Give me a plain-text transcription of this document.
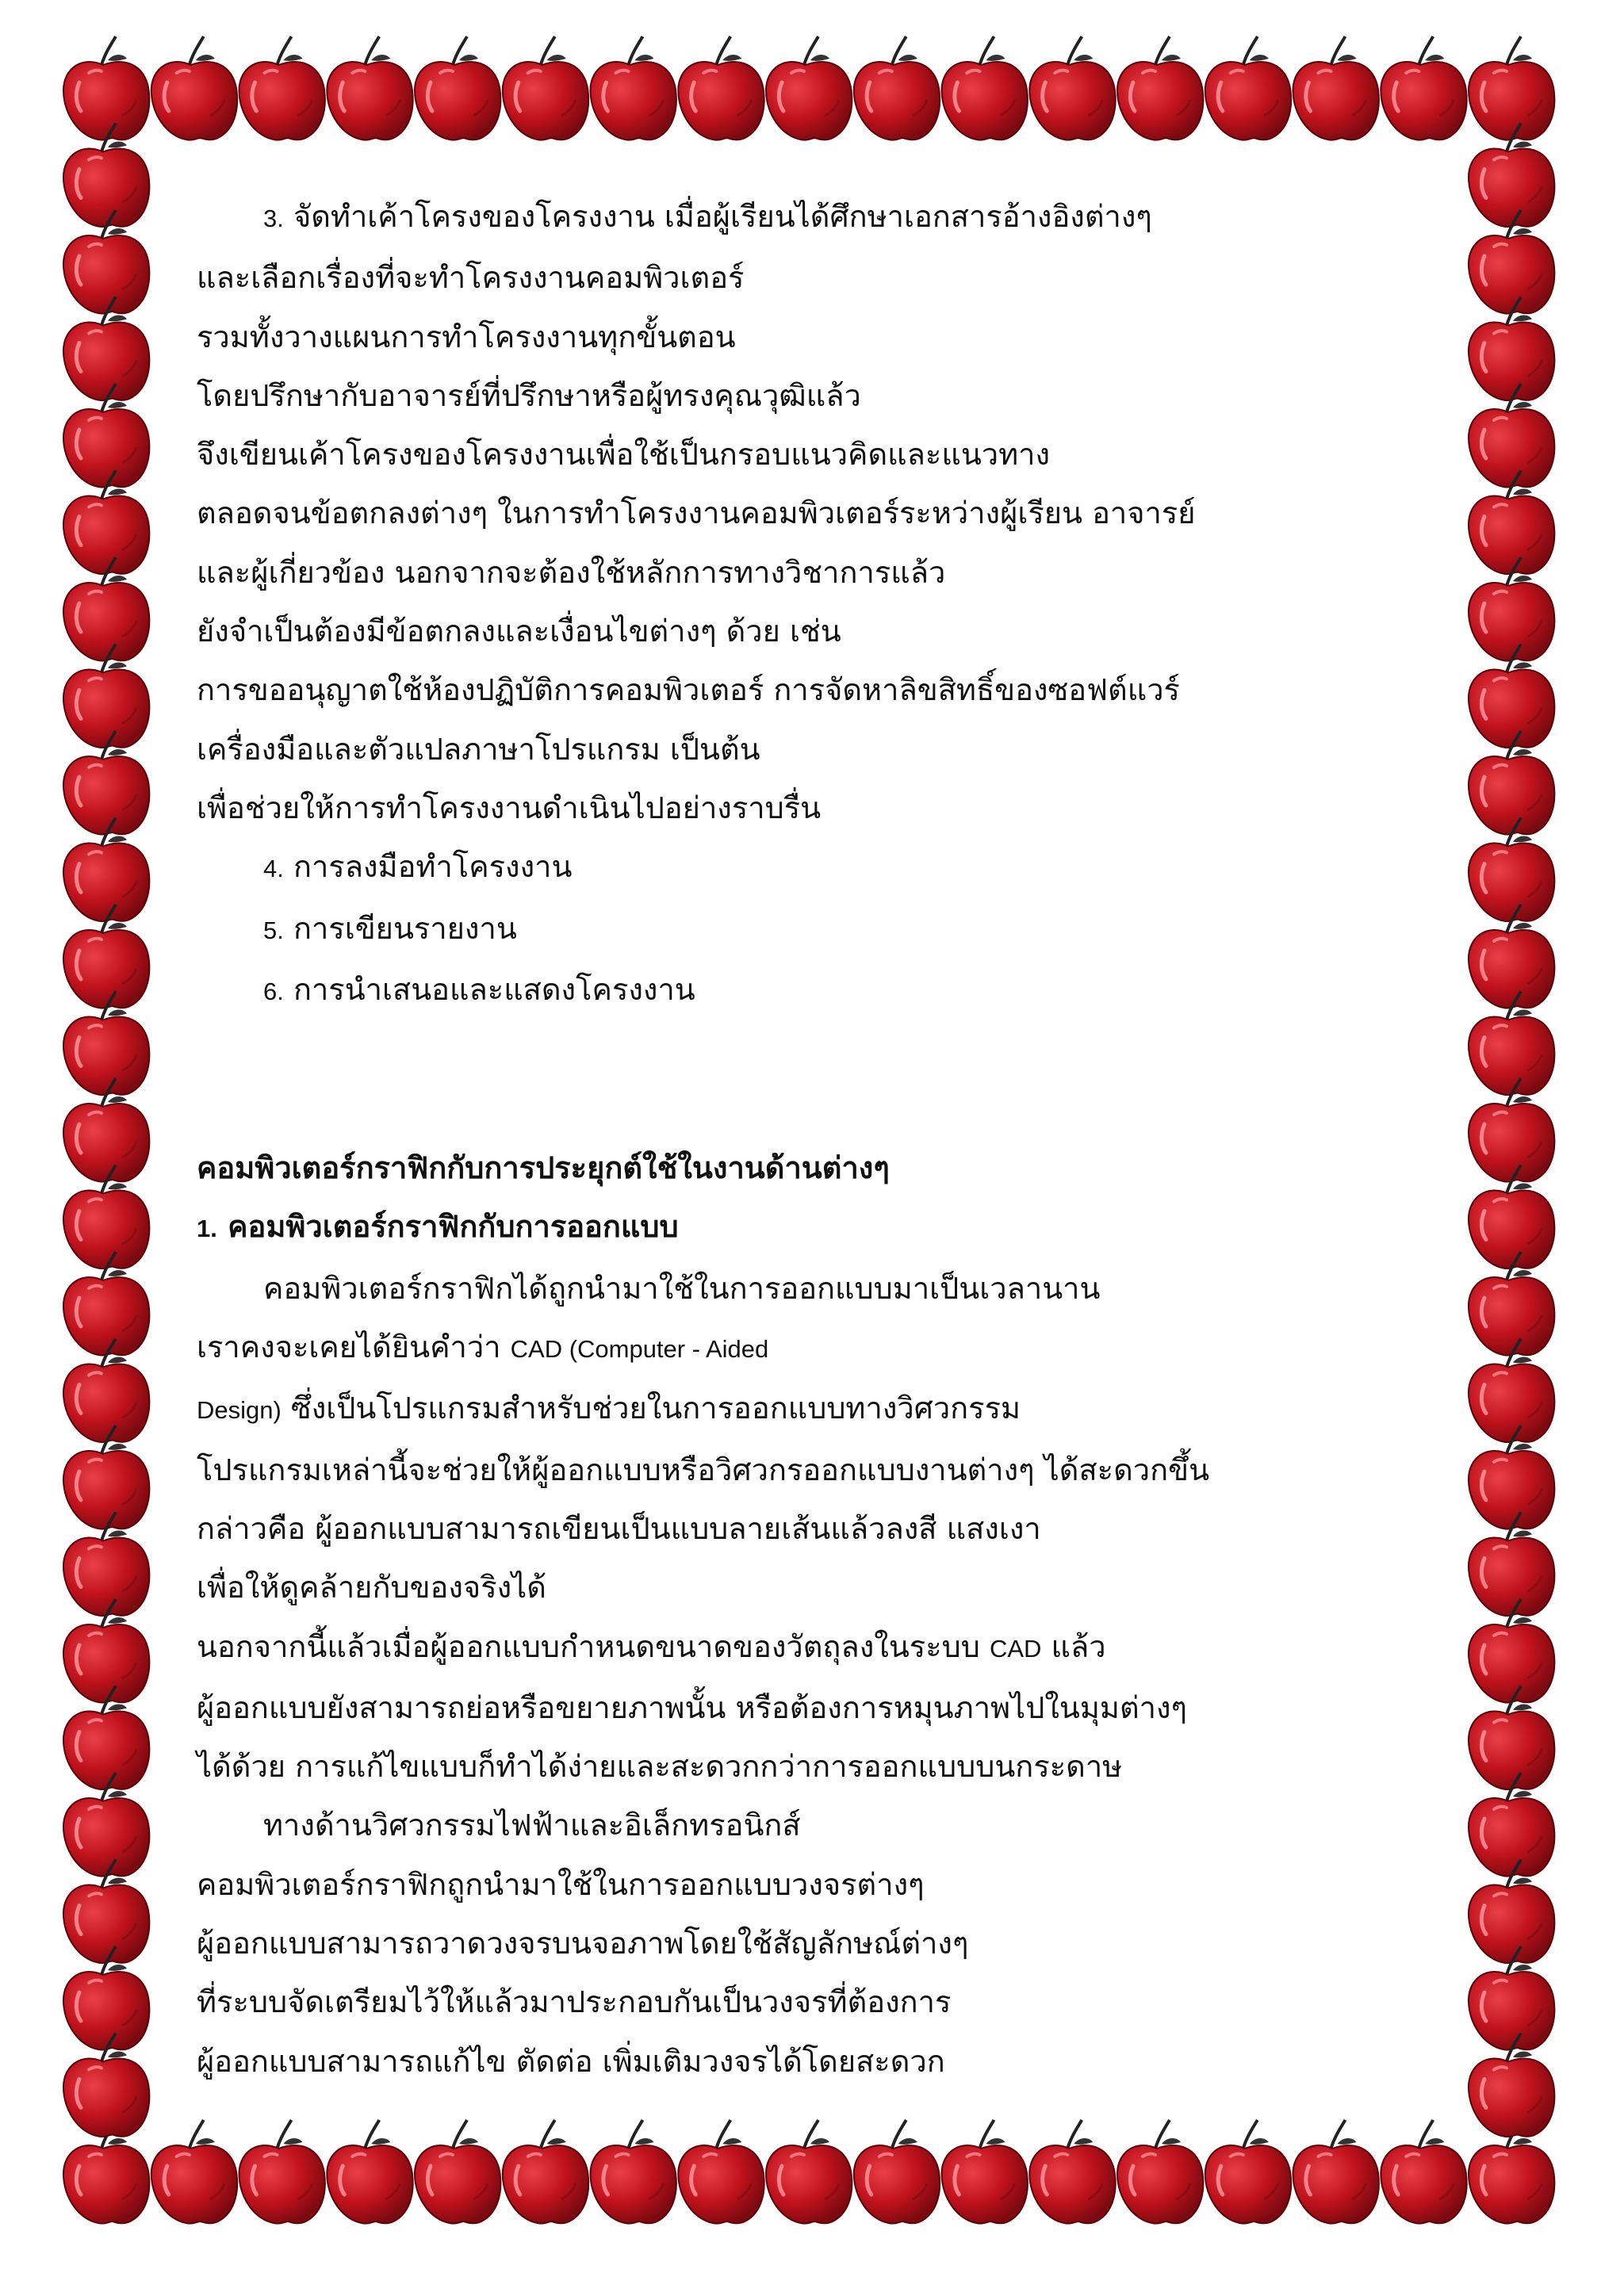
3. จัดทำเค้าโครงของโครงงาน เมื่อผู้เรียนได้ศึกษาเอกสารอ้างอิงต่างๆ

และเลือกเรื่องที่จะทำโครงงานคอมพิวเตอร์

รวมทั้งวางแผนการทำโครงงานทุกขั้นตอน

โดยปรึกษากับอาจารย์ที่ปรึกษาหรือผู้ทรงคุณวุฒิแล้ว

จึงเขียนเค้าโครงของโครงงานเพื่อใช้เป็นกรอบแนวคิดและแนวทาง

ตลอดจนข้อตกลงต่างๆ ในการทำโครงงานคอมพิวเตอร์ระหว่างผู้เรียน อาจารย์

และผู้เกี่ยวข้อง นอกจากจะต้องใช้หลักการทางวิชาการแล้ว

ยังจำเป็นต้องมีข้อตกลงและเงื่อนไขต่างๆ ด้วย เช่น

การขออนุญาตใช้ห้องปฏิบัติการคอมพิวเตอร์ การจัดหาลิขสิทธิ์ของซอฟต์แวร์

เครื่องมือและตัวแปลภาษาโปรแกรม เป็นต้น

เพื่อช่วยให้การทำโครงงานดำเนินไปอย่างราบรื่น

4. การลงมือทำโครงงาน

5. การเขียนรายงาน

6. การนำเสนอและแสดงโครงงาน

คอมพิวเตอร์กราฟิกกับการประยุกต์ใช้ในงานด้านต่างๆ

1. คอมพิวเตอร์กราฟิกกับการออกแบบ

คอมพิวเตอร์กราฟิกได้ถูกนำมาใช้ในการออกแบบมาเป็นเวลานาน

เราคงจะเคยได้ยินคำว่า CAD (Computer - Aided

Design) ซึ่งเป็นโปรแกรมสำหรับช่วยในการออกแบบทางวิศวกรรม

โปรแกรมเหล่านี้จะช่วยให้ผู้ออกแบบหรือวิศวกรออกแบบงานต่างๆ ได้สะดวกขึ้น

กล่าวคือ ผู้ออกแบบสามารถเขียนเป็นแบบลายเส้นแล้วลงสี แสงเงา

เพื่อให้ดูคล้ายกับของจริงได้

นอกจากนี้แล้วเมื่อผู้ออกแบบกำหนดขนาดของวัตถุลงในระบบ CAD แล้ว

ผู้ออกแบบยังสามารถย่อหรือขยายภาพนั้น หรือต้องการหมุนภาพไปในมุมต่างๆ

ได้ด้วย การแก้ไขแบบก็ทำได้ง่ายและสะดวกกว่าการออกแบบบนกระดาษ

ทางด้านวิศวกรรมไฟฟ้าและอิเล็กทรอนิกส์

คอมพิวเตอร์กราฟิกถูกนำมาใช้ในการออกแบบวงจรต่างๆ

ผู้ออกแบบสามารถวาดวงจรบนจอภาพโดยใช้สัญลักษณ์ต่างๆ

ที่ระบบจัดเตรียมไว้ให้แล้วมาประกอบกันเป็นวงจรที่ต้องการ

ผู้ออกแบบสามารถแก้ไข ตัดต่อ เพิ่มเติมวงจรได้โดยสะดวก
